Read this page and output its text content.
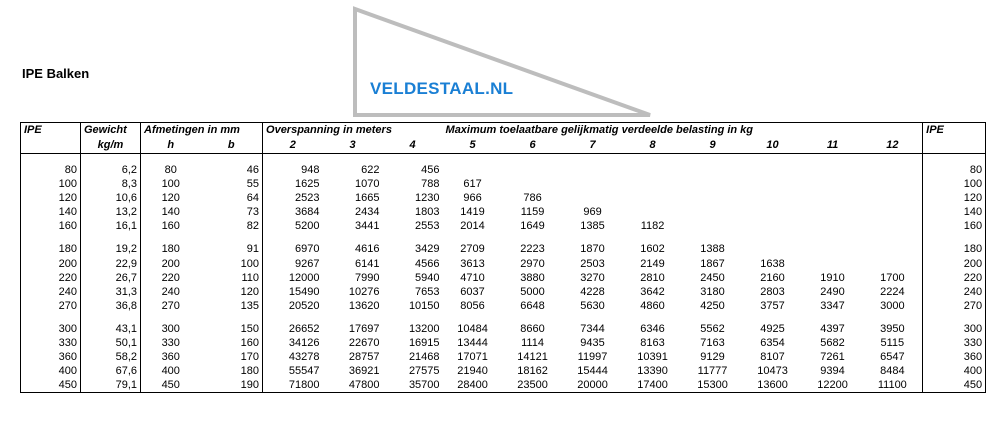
IPE Balken
VELDESTAAL.NL
IPE	Gewicht	Afmetingen in mm		Overspanning in meters			Maximum toelaatbare gelijkmatig verdeelde belasting in kg								IPE
	kg/m	h	b	2	3	4	5	6	7	8	9	10	11	12	

80	6,2	80	46	948	622	456									80
100	8,3	100	55	1625	1070	788	617								100
120	10,6	120	64	2523	1665	1230	966	786							120
140	13,2	140	73	3684	2434	1803	1419	1159	969						140
160	16,1	160	82	5200	3441	2553	2014	1649	1385	1182					160

180	19,2	180	91	6970	4616	3429	2709	2223	1870	1602	1388				180
200	22,9	200	100	9267	6141	4566	3613	2970	2503	2149	1867	1638			200
220	26,7	220	110	12000	7990	5940	4710	3880	3270	2810	2450	2160	1910	1700	220
240	31,3	240	120	15490	10276	7653	6037	5000	4228	3642	3180	2803	2490	2224	240
270	36,8	270	135	20520	13620	10150	8056	6648	5630	4860	4250	3757	3347	3000	270

300	43,1	300	150	26652	17697	13200	10484	8660	7344	6346	5562	4925	4397	3950	300
330	50,1	330	160	34126	22670	16915	13444	1114	9435	8163	7163	6354	5682	5115	330
360	58,2	360	170	43278	28757	21468	17071	14121	11997	10391	9129	8107	7261	6547	360
400	67,6	400	180	55547	36921	27575	21940	18162	15444	13390	11777	10473	9394	8484	400
450	79,1	450	190	71800	47800	35700	28400	23500	20000	17400	15300	13600	12200	11100	450
